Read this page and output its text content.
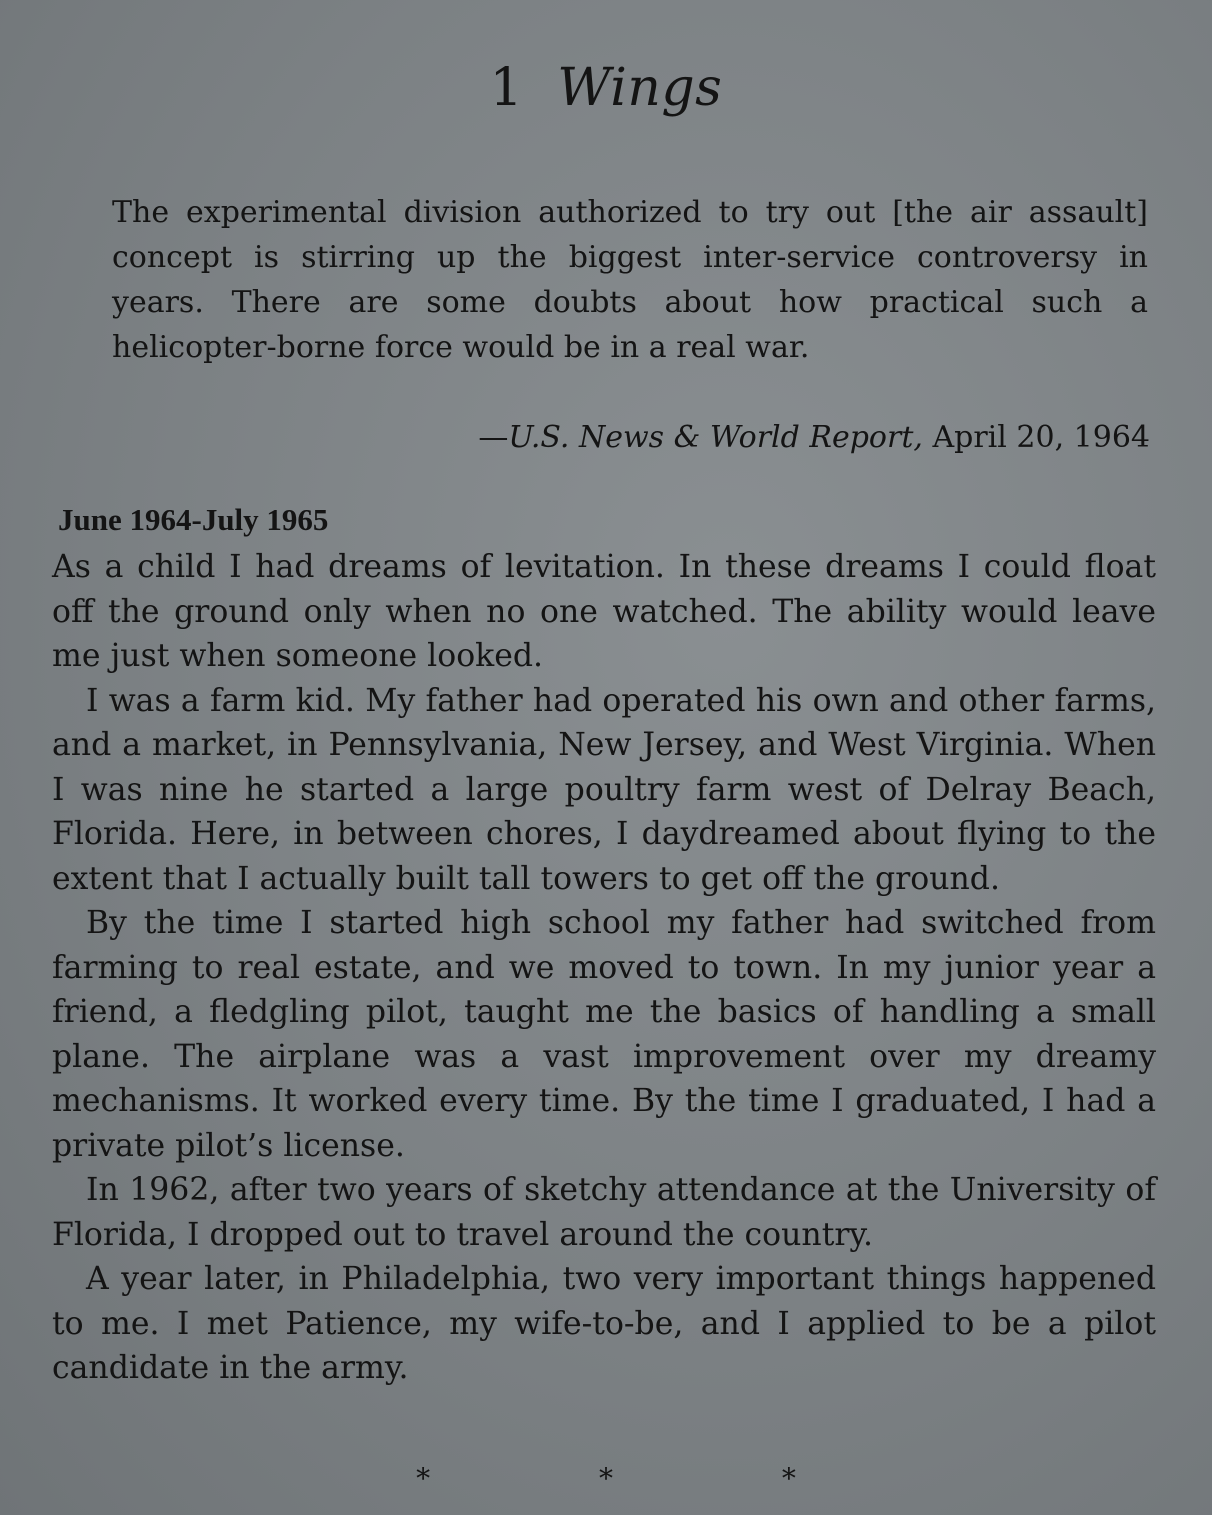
1 Wings

The experimental division authorized to try out [the air assault] concept is stirring up the biggest inter-service controversy in years. There are some doubts about how practical such a helicopter-borne force would be in a real war.

—U.S. News & World Report, April 20, 1964

June 1964-July 1965

As a child I had dreams of levitation. In these dreams I could float off the ground only when no one watched. The ability would leave me just when someone looked.

I was a farm kid. My father had operated his own and other farms, and a market, in Pennsylvania, New Jersey, and West Virginia. When I was nine he started a large poultry farm west of Delray Beach, Florida. Here, in between chores, I daydreamed about flying to the extent that I actually built tall towers to get off the ground.

By the time I started high school my father had switched from farming to real estate, and we moved to town. In my junior year a friend, a fledgling pilot, taught me the basics of handling a small plane. The airplane was a vast improvement over my dreamy mechanisms. It worked every time. By the time I graduated, I had a private pilot’s license.

In 1962, after two years of sketchy attendance at the University of Florida, I dropped out to travel around the country.

A year later, in Philadelphia, two very important things happened to me. I met Patience, my wife-to-be, and I applied to be a pilot candidate in the army.

* * *
